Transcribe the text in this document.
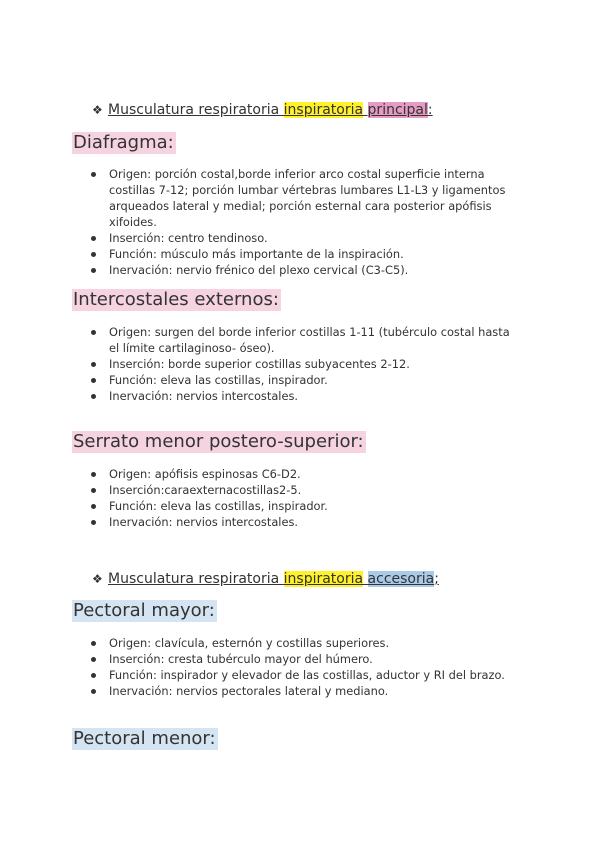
❖ Musculatura respiratoria inspiratoria principal:
Diafragma:
Origen: porción costal,borde inferior arco costal superficie interna costillas 7-12; porción lumbar vértebras lumbares L1-L3 y ligamentos arqueados lateral y medial; porción esternal cara posterior apófisis xifoides.
Inserción: centro tendinoso.
Función: músculo más importante de la inspiración.
Inervación: nervio frénico del plexo cervical (C3-C5).
Intercostales externos:
Origen: surgen del borde inferior costillas 1-11 (tubérculo costal hasta el límite cartilaginoso- óseo).
Inserción: borde superior costillas subyacentes 2-12.
Función: eleva las costillas, inspirador.
Inervación: nervios intercostales.
Serrato menor postero-superior:
Origen: apófisis espinosas C6-D2.
Inserción:caraexternacostillas2-5.
Función: eleva las costillas, inspirador.
Inervación: nervios intercostales.
❖ Musculatura respiratoria inspiratoria accesoria;
Pectoral mayor:
Origen: clavícula, esternón y costillas superiores.
Inserción: cresta tubérculo mayor del húmero.
Función: inspirador y elevador de las costillas, aductor y RI del brazo.
Inervación: nervios pectorales lateral y mediano.
Pectoral menor:
